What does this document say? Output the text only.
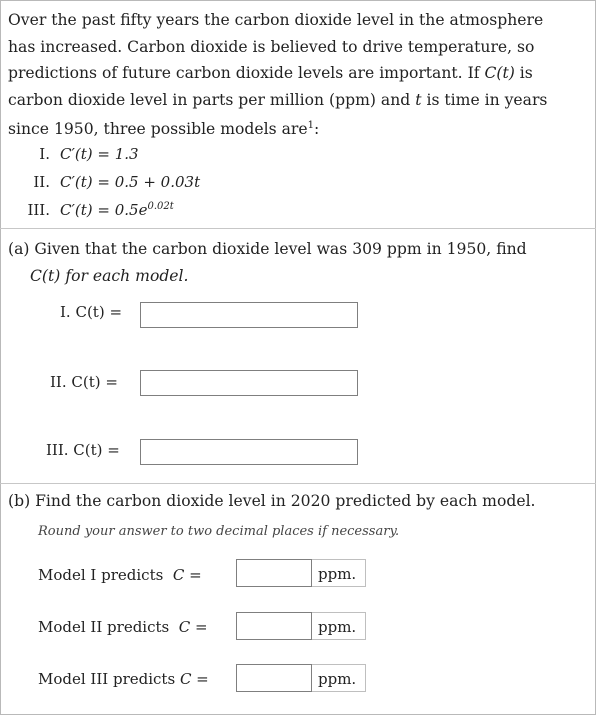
Over the past fifty years the carbon dioxide level in the atmosphere
has increased. Carbon dioxide is believed to drive temperature, so
predictions of future carbon dioxide levels are important. If C(t) is
carbon dioxide level in parts per million (ppm) and t is time in years
since 1950, three possible models are$^1$:
I. C′(t) = 1.3
II. C′(t) = 0.5 + 0.03t
III. $C'(t) = 0.5e^{0.02t}$
(a) Given that the carbon dioxide level was 309 ppm in 1950, find
C(t) for each model.
I. C(t) =
II. C(t) =
III. C(t) =
(b) Find the carbon dioxide level in 2020 predicted by each model.
Round your answer to two decimal places if necessary.
Model I predicts C =	ppm.
Model II predicts C =	ppm.
Model III predicts C =	ppm.
